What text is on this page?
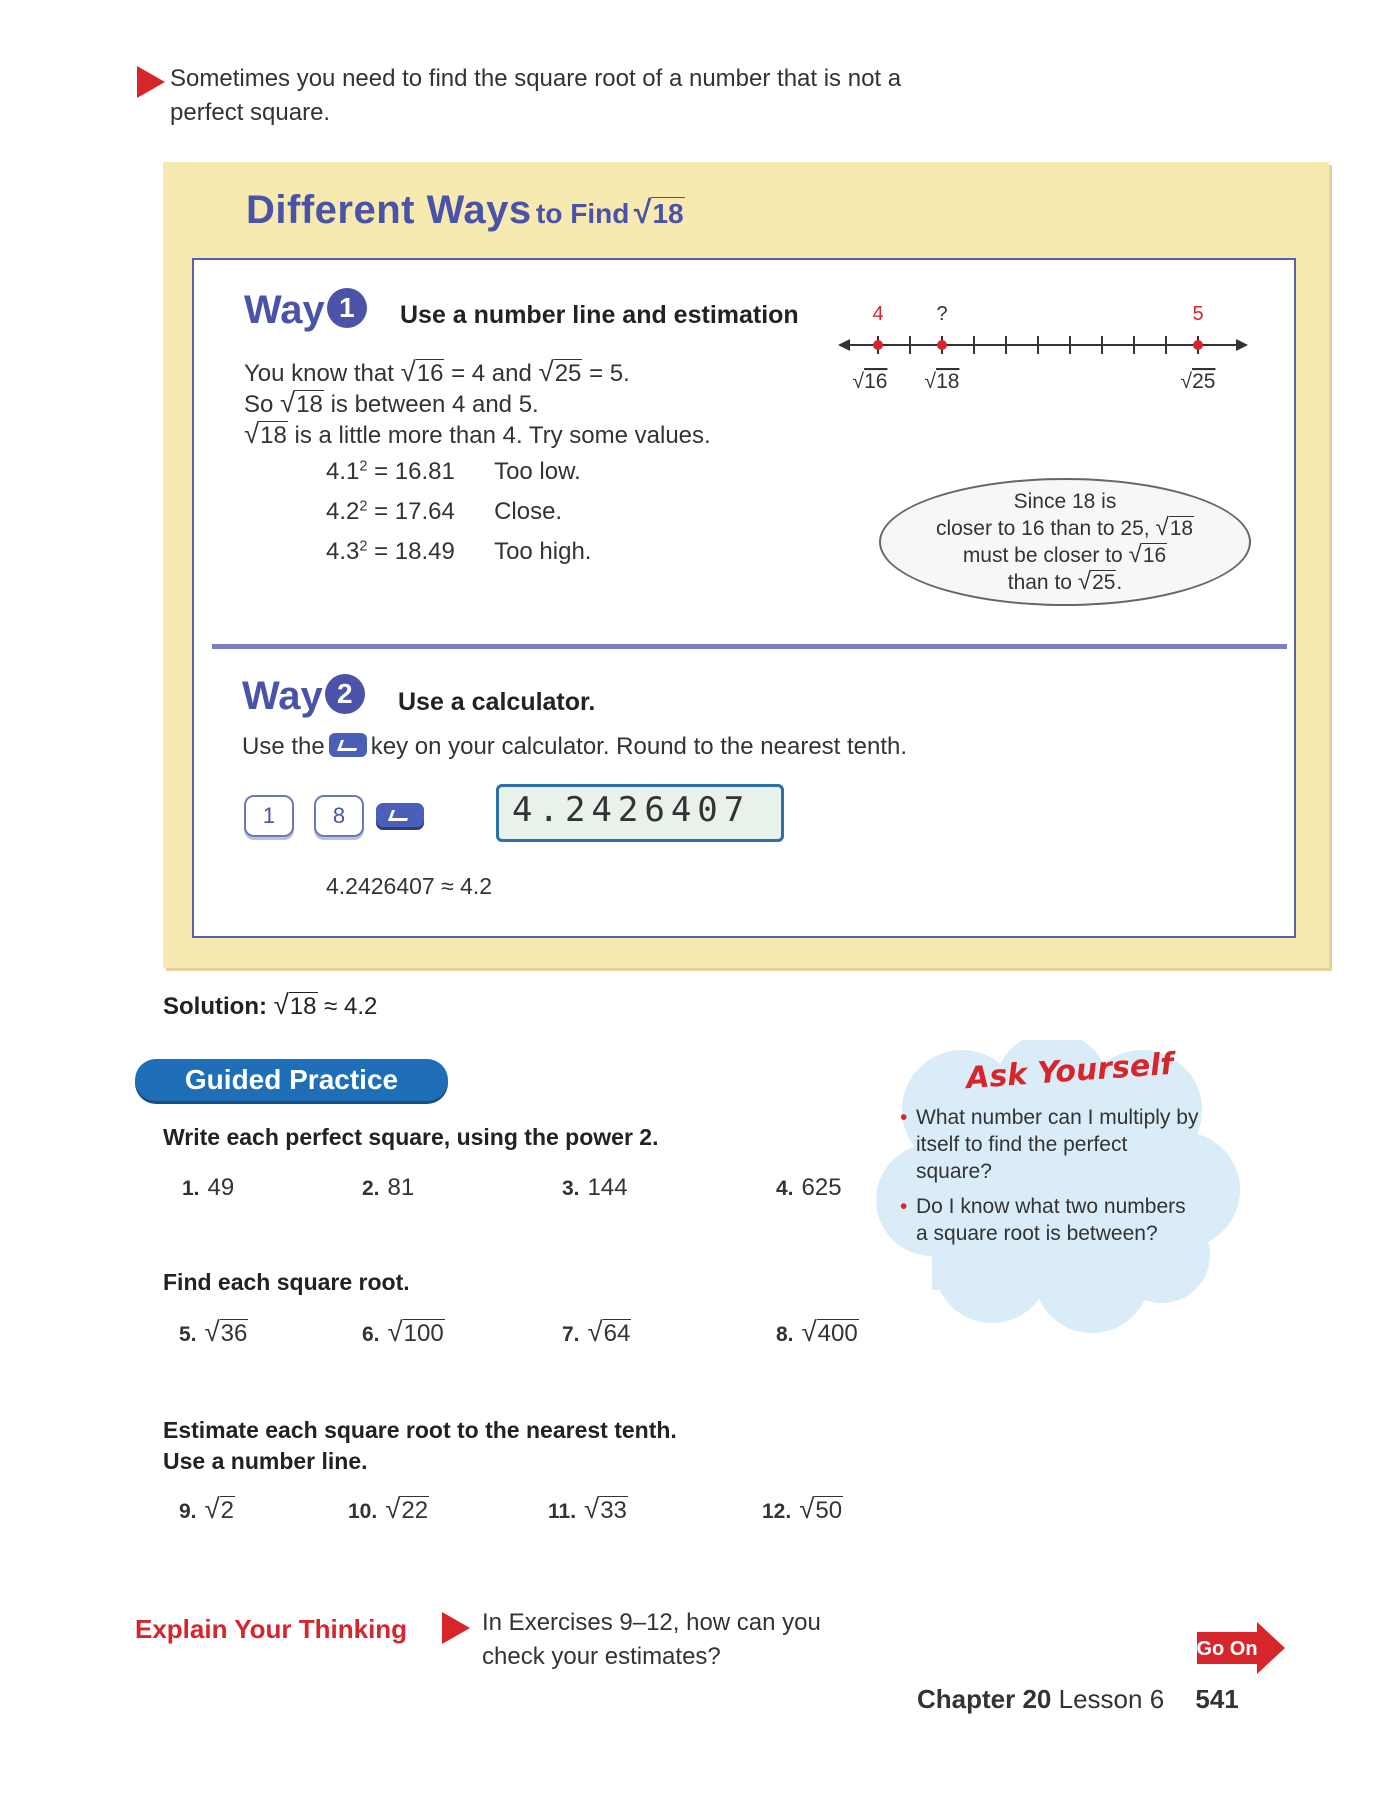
Sometimes you need to find the square root of a number that is not a perfect square.
Different Ways to Find √18
Way 1	Use a number line and estimation
You know that √16 = 4 and √25 = 5.
So √18 is between 4 and 5.
√18 is a little more than 4. Try some values.
$4.1^2 = 16.81$ Too low.
$4.2^2 = 17.64$ Close.
$4.3^2 = 18.49$ Too high.
4	?	5
√16 √18	√25
Since 18 is
closer to 16 than to 25, √18
must be closer to √16
than to √25.
Way 2	Use a calculator.
Use the key on your calculator. Round to the nearest tenth.
1	8	4.2426407
4.2426407 ≈ 4.2
Solution: √18 ≈ 4.2
Guided Practice
Write each perfect square, using the power 2.
1. 49	2. 81	3. 144	4. 625
Find each square root.
5. √36	6. √100	7. √64	8. √400
Estimate each square root to the nearest tenth.
Use a number line.
9. √2	10. √22	11. √33	12. √50
Ask Yourself
• What number can I multiply by itself to find the perfect square?
• Do I know what two numbers a square root is between?
Explain Your Thinking	In Exercises 9–12, how can you check your estimates?	Go On
Chapter 20 Lesson 6 541
